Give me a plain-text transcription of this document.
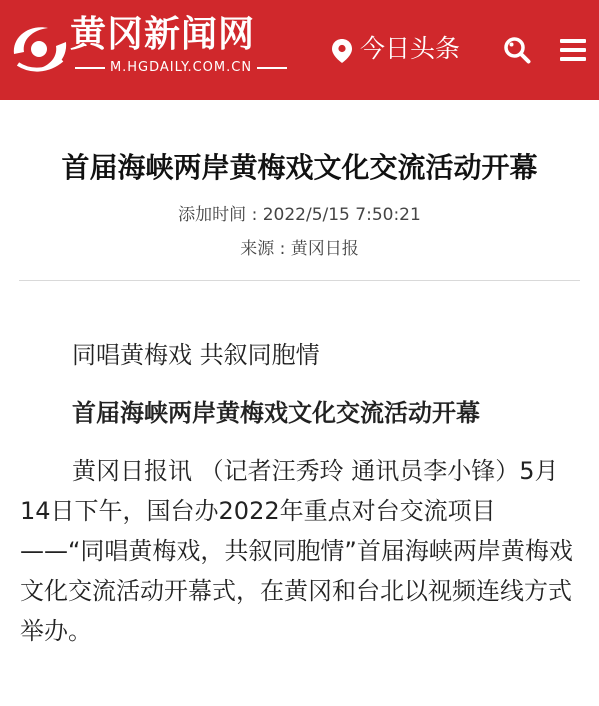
黄冈新闻网
M.HGDAILY.COM.CN
今日头条
首届海峡两岸黄梅戏文化交流活动开幕
添加时间 : 2022/5/15 7:50:21
来源 : 黄冈日报

同唱黄梅戏 共叙同胞情

首届海峡两岸黄梅戏文化交流活动开幕

黄冈日报讯 （记者汪秀玲 通讯员李小锋）5月14日下午，国台办2022年重点对台交流项目——“同唱黄梅戏，共叙同胞情”首届海峡两岸黄梅戏文化交流活动开幕式，在黄冈和台北以视频连线方式举办。
